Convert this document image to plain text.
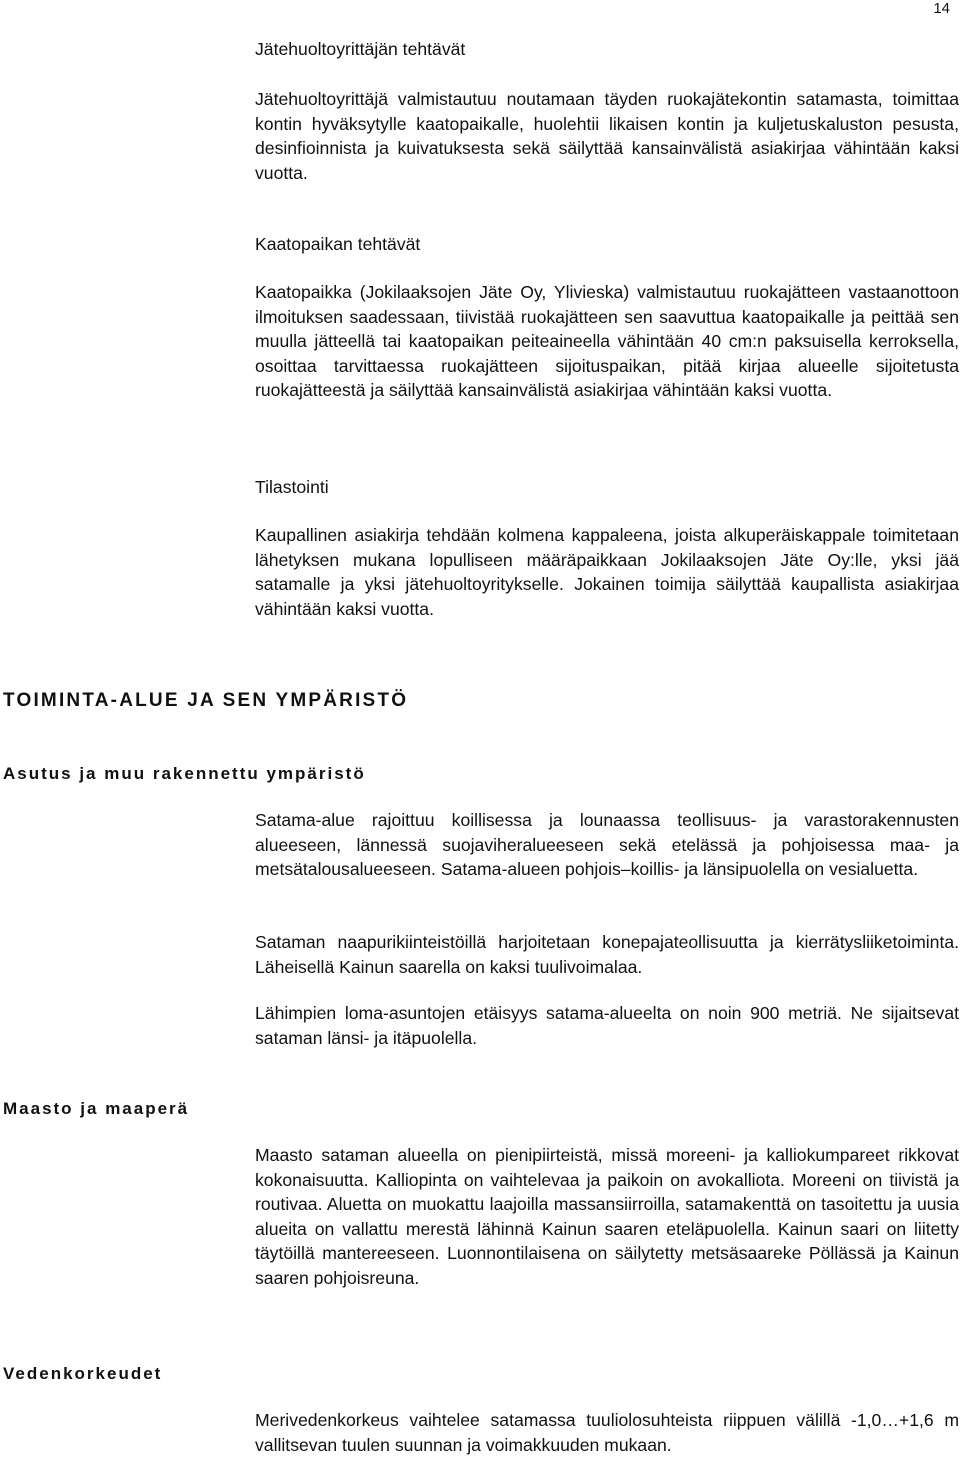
14
Jätehuoltoyrittäjän tehtävät

Jätehuoltoyrittäjä valmistautuu noutamaan täyden ruokajätekontin satamasta, toimittaa kontin hyväksytylle kaatopaikalle, huolehtii likaisen kontin ja kuljetuskaluston pesusta, desinfioinnista ja kuivatuksesta sekä säilyttää kansainvälistä asiakirjaa vähintään kaksi vuotta.

Kaatopaikan tehtävät

Kaatopaikka (Jokilaaksojen Jäte Oy, Ylivieska) valmistautuu ruokajätteen vastaanottoon ilmoituksen saadessaan, tiivistää ruokajätteen sen saavuttua kaatopaikalle ja peittää sen muulla jätteellä tai kaatopaikan peiteaineella vähintään 40 cm:n paksuisella kerroksella, osoittaa tarvittaessa ruokajätteen sijoituspaikan, pitää kirjaa alueelle sijoitetusta ruokajätteestä ja säilyttää kansainvälistä asiakirjaa vähintään kaksi vuotta.

Tilastointi

Kaupallinen asiakirja tehdään kolmena kappaleena, joista alkuperäiskappale toimitetaan lähetyksen mukana lopulliseen määräpaikkaan Jokilaaksojen Jäte Oy:lle, yksi jää satamalle ja yksi jätehuoltoyritykselle. Jokainen toimija säilyttää kaupallista asiakirjaa vähintään kaksi vuotta.

TOIMINTA-ALUE JA SEN YMPÄRISTÖ
Asutus ja muu rakennettu ympäristö

Satama-alue rajoittuu koillisessa ja lounaassa teollisuus- ja varastorakennusten alueeseen, lännessä suojaviheralueeseen sekä etelässä ja pohjoisessa maa- ja metsätalousalueeseen. Satama-alueen pohjois–koillis- ja länsipuolella on vesialuetta.

Sataman naapurikiinteistöillä harjoitetaan konepajateollisuutta ja kierrätysliiketoiminta. Läheisellä Kainun saarella on kaksi tuulivoimalaa.

Lähimpien loma-asuntojen etäisyys satama-alueelta on noin 900 metriä. Ne sijaitsevat sataman länsi- ja itäpuolella.

Maasto ja maaperä

Maasto sataman alueella on pienipiirteistä, missä moreeni- ja kalliokumpareet rikkovat kokonaisuutta. Kalliopinta on vaihtelevaa ja paikoin on avokalliota. Moreeni on tiivistä ja routivaa. Aluetta on muokattu laajoilla massansiirroilla, satamakenttä on tasoitettu ja uusia alueita on vallattu merestä lähinnä Kainun saaren eteläpuolella. Kainun saari on liitetty täytöillä mantereeseen. Luonnontilaisena on säilytetty metsäsaareke Pöllässä ja Kainun saaren pohjoisreuna.

Vedenkorkeudet

Merivedenkorkeus vaihtelee satamassa tuuliolosuhteista riippuen välillä -1,0…+1,6 m vallitsevan tuulen suunnan ja voimakkuuden mukaan.
